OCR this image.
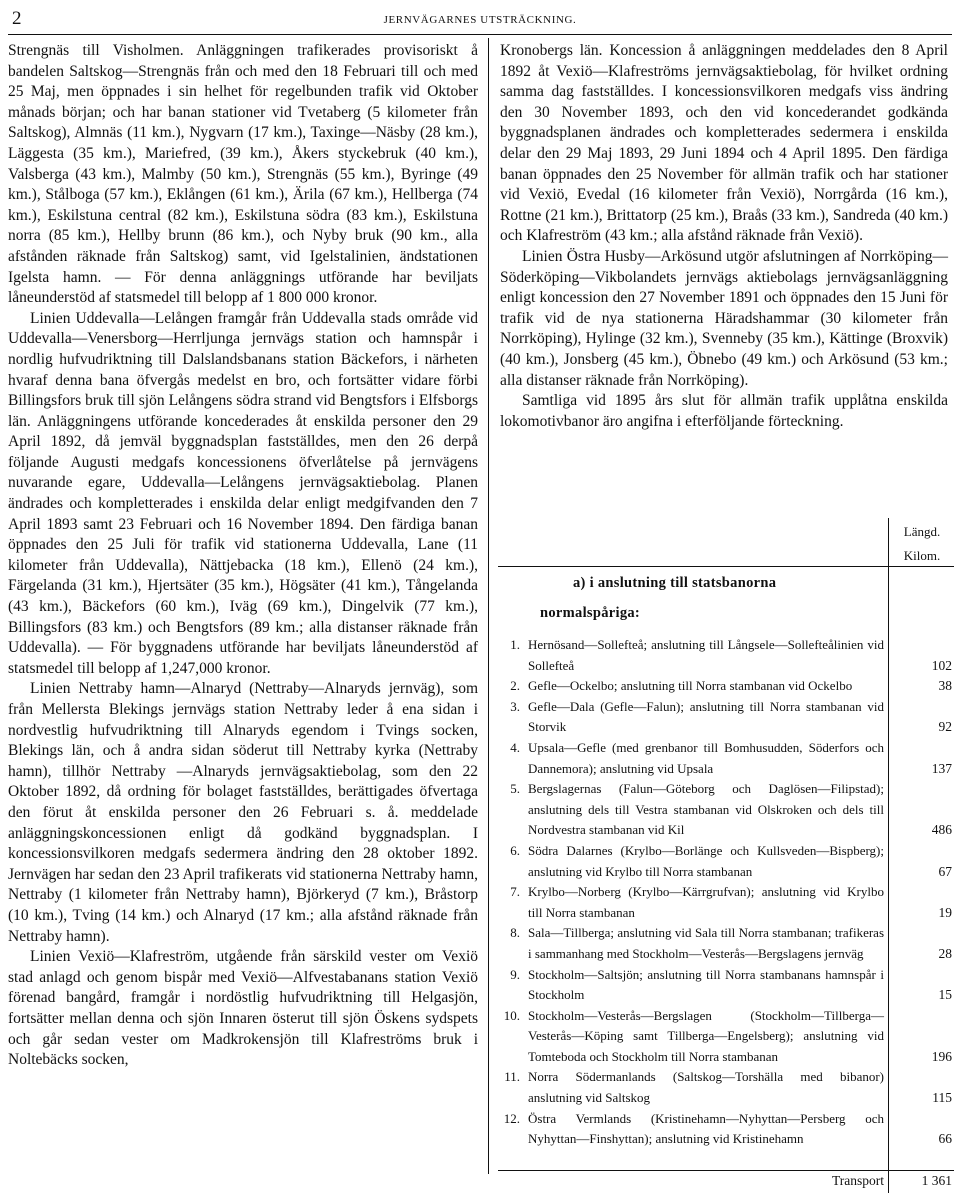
2	JERNVÄGARNES UTSTRÄCKNING.

Strengnäs till Visholmen. Anläggningen trafikerades provisoriskt å bandelen Saltskog—Strengnäs från och med den 18 Februari till och med 25 Maj, men öppnades i sin helhet för regelbunden trafik vid Oktober månads början; och har banan stationer vid Tvetaberg (5 kilometer från Saltskog), Almnäs (11 km.), Nygvarn (17 km.), Taxinge—Näsby (28 km.), Läggesta (35 km.), Mariefred, (39 km.), Åkers styckebruk (40 km.), Valsberga (43 km.), Malmby (50 km.), Strengnäs (55 km.), Byringe (49 km.), Stålboga (57 km.), Eklången (61 km.), Ärila (67 km.), Hellberga (74 km.), Eskilstuna central (82 km.), Eskilstuna södra (83 km.), Eskilstuna norra (85 km.), Hellby brunn (86 km.), och Nyby bruk (90 km., alla afstånden räknade från Saltskog) samt, vid Igelstalinien, ändstationen Igelsta hamn. — För denna anläggnings utförande har beviljats låneunderstöd af statsmedel till belopp af 1 800 000 kronor.

Linien Uddevalla—Lelången framgår från Uddevalla stads område vid Uddevalla—Venersborg—Herrljunga jernvägs station och hamnspår i nordlig hufvudriktning till Dalslandsbanans station Bäckefors, i närheten hvaraf denna bana öfvergås medelst en bro, och fortsätter vidare förbi Billingsfors bruk till sjön Lelångens södra strand vid Bengtsfors i Elfsborgs län. Anläggningens utförande koncederades åt enskilda personer den 29 April 1892, då jemväl byggnadsplan fastställdes, men den 26 derpå följande Augusti medgafs koncessionens öfverlåtelse på jernvägens nuvarande egare, Uddevalla—Lelångens jernvägsaktiebolag. Planen ändrades och kompletterades i enskilda delar enligt medgifvanden den 7 April 1893 samt 23 Februari och 16 November 1894. Den färdiga banan öppnades den 25 Juli för trafik vid stationerna Uddevalla, Lane (11 kilometer från Uddevalla), Nättjebacka (18 km.), Ellenö (24 km.), Färgelanda (31 km.), Hjertsäter (35 km.), Högsäter (41 km.), Tångelanda (43 km.), Bäckefors (60 km.), Iväg (69 km.), Dingelvik (77 km.), Billingsfors (83 km.) och Bengtsfors (89 km.; alla distanser räknade från Uddevalla). — För byggnadens utförande har beviljats låneunderstöd af statsmedel till belopp af 1,247,000 kronor.

Linien Nettraby hamn—Alnaryd (Nettraby—Alnaryds jernväg), som från Mellersta Blekings jernvägs station Nettraby leder å ena sidan i nordvestlig hufvudriktning till Alnaryds egendom i Tvings socken, Blekings län, och å andra sidan söderut till Nettraby kyrka (Nettraby hamn), tillhör Nettraby —Alnaryds jernvägsaktiebolag, som den 22 Oktober 1892, då ordning för bolaget fastställdes, berättigades öfvertaga den förut åt enskilda personer den 26 Februari s. å. meddelade anläggningskoncessionen enligt då godkänd byggnadsplan. I koncessionsvilkoren medgafs sedermera ändring den 28 oktober 1892. Jernvägen har sedan den 23 April trafikerats vid stationerna Nettraby hamn, Nettraby (1 kilometer från Nettraby hamn), Björkeryd (7 km.), Bråstorp (10 km.), Tving (14 km.) och Alnaryd (17 km.; alla afstånd räknade från Nettraby hamn).

Linien Vexiö—Klafreström, utgående från särskild vester om Vexiö stad anlagd och genom bispår med Vexiö—Alfvestabanans station Vexiö förenad bangård, framgår i nordöstlig hufvudriktning till Helgasjön, fortsätter mellan denna och sjön Innaren österut till sjön Öskens sydspets och går sedan vester om Madkrokensjön till Klafreströms bruk i Noltebäcks socken,

Kronobergs län. Koncession å anläggningen meddelades den 8 April 1892 åt Vexiö—Klafreströms jernvägsaktiebolag, för hvilket ordning samma dag fastställdes. I koncessionsvilkoren medgafs viss ändring den 30 November 1893, och den vid koncederandet godkända byggnadsplanen ändrades och kompletterades sedermera i enskilda delar den 29 Maj 1893, 29 Juni 1894 och 4 April 1895. Den färdiga banan öppnades den 25 November för allmän trafik och har stationer vid Vexiö, Evedal (16 kilometer från Vexiö), Norrgårda (16 km.), Rottne (21 km.), Brittatorp (25 km.), Braås (33 km.), Sandreda (40 km.) och Klafreström (43 km.; alla afstånd räknade från Vexiö).

Linien Östra Husby—Arkösund utgör afslutningen af Norrköping—Söderköping—Vikbolandets jernvägs aktiebolags jernvägsanläggning enligt koncession den 27 November 1891 och öppnades den 15 Juni för trafik vid de nya stationerna Häradshammar (30 kilometer från Norrköping), Hylinge (32 km.), Svenneby (35 km.), Kättinge (Broxvik) (40 km.), Jonsberg (45 km.), Öbnebo (49 km.) och Arkösund (53 km.; alla distanser räknade från Norrköping).

Samtliga vid 1895 års slut för allmän trafik upplåtna enskilda lokomotivbanor äro angifna i efterföljande förteckning.

Längd.
Kilom.
a) i anslutning till statsbanorna
normalspåriga:
1. Hernösand—Sollefteå; anslutning till Långsele—Sollefteålinien vid Sollefteå	102
2. Gefle—Ockelbo; anslutning till Norra stambanan vid Ockelbo	38
3. Gefle—Dala (Gefle—Falun); anslutning till Norra stambanan vid Storvik	92
4. Upsala—Gefle (med grenbanor till Bomhusudden, Söderfors och Dannemora); anslutning vid Upsala	137
5. Bergslagernas (Falun—Göteborg och Daglösen—Filipstad); anslutning dels till Vestra stambanan vid Olskroken och dels till Nordvestra stambanan vid Kil	486
6. Södra Dalarnes (Krylbo—Borlänge och Kullsveden—Bispberg); anslutning vid Krylbo till Norra stambanan	67
7. Krylbo—Norberg (Krylbo—Kärrgrufvan); anslutning vid Krylbo till Norra stambanan	19
8. Sala—Tillberga; anslutning vid Sala till Norra stambanan; trafikeras i sammanhang med Stockholm—Vesterås—Bergslagens jernväg	28
9. Stockholm—Saltsjön; anslutning till Norra stambanans hamnspår i Stockholm	15
10. Stockholm—Vesterås—Bergslagen (Stockholm—Tillberga—Vesterås—Köping samt Tillberga—Engelsberg); anslutning vid Tomteboda och Stockholm till Norra stambanan	196
11. Norra Södermanlands (Saltskog—Torshälla med bibanor) anslutning vid Saltskog	115
12. Östra Vermlands (Kristinehamn—Nyhyttan—Persberg och Nyhyttan—Finshyttan); anslutning vid Kristinehamn	66
Transport	1 361
